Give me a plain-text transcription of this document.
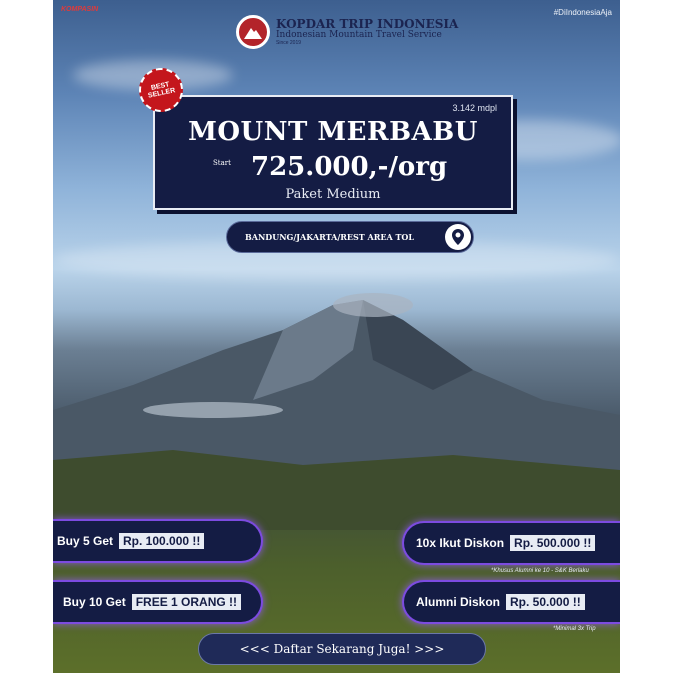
KOMPASIN	#DiIndonesiaAja
KOPDAR TRIP INDONESIA
Indonesian Mountain Travel Service
Since 2019
3.142 mdpl
MOUNT MERBABU
Start 725.000,-/org
Paket Medium
BEST SELLER
BANDUNG/JAKARTA/REST AREA TOL
Buy 5 Get Rp. 100.000 !!	10x Ikut Diskon Rp. 500.000 !!
*Khusus Alumni ke 10 - S&K Berlaku
Buy 10 Get FREE 1 ORANG !!	Alumni Diskon Rp. 50.000 !!
*Minimal 3x Trip
<<< Daftar Sekarang Juga! >>>
